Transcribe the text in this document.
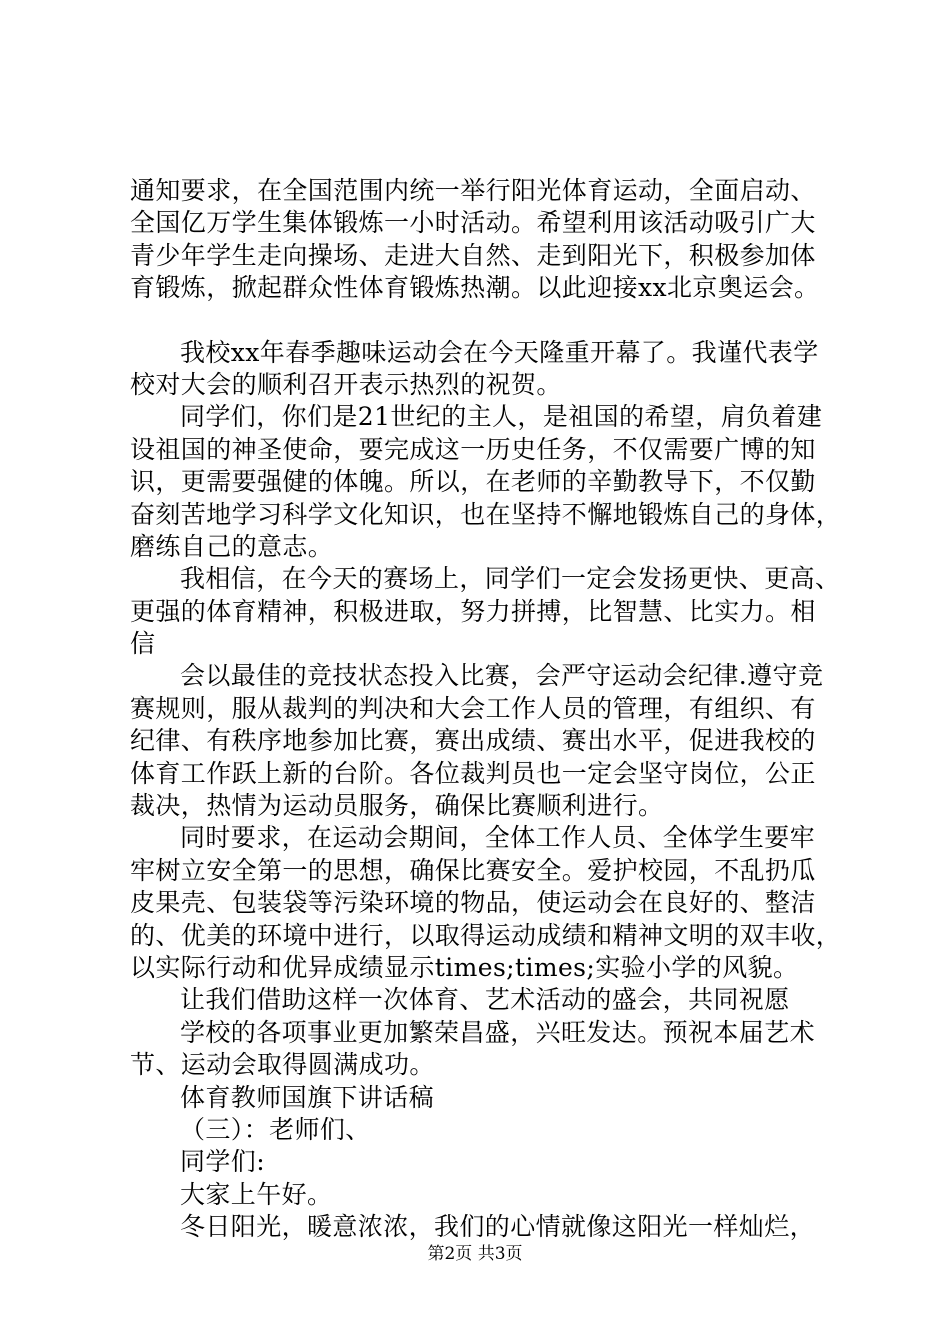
通知要求，在全国范围内统一举行阳光体育运动，全面启动、
全国亿万学生集体锻炼一小时活动。希望利用该活动吸引广大
青少年学生走向操场、走进大自然、走到阳光下，积极参加体
育锻炼，掀起群众性体育锻炼热潮。以此迎接xx北京奥运会。
我校xx年春季趣味运动会在今天隆重开幕了。我谨代表学
校对大会的顺利召开表示热烈的祝贺。
同学们，你们是21世纪的主人，是祖国的希望，肩负着建
设祖国的神圣使命，要完成这一历史任务，不仅需要广博的知
识，更需要强健的体魄。所以，在老师的辛勤教导下，不仅勤
奋刻苦地学习科学文化知识，也在坚持不懈地锻炼自己的身体，
磨练自己的意志。
我相信，在今天的赛场上，同学们一定会发扬更快、更高、
更强的体育精神，积极进取，努力拼搏，比智慧、比实力。相
信
会以最佳的竞技状态投入比赛，会严守运动会纪律.遵守竞
赛规则，服从裁判的判决和大会工作人员的管理，有组织、有
纪律、有秩序地参加比赛，赛出成绩、赛出水平，促进我校的
体育工作跃上新的台阶。各位裁判员也一定会坚守岗位，公正
裁决，热情为运动员服务，确保比赛顺利进行。
同时要求，在运动会期间，全体工作人员、全体学生要牢
牢树立安全第一的思想，确保比赛安全。爱护校园，不乱扔瓜
皮果壳、包装袋等污染环境的物品，使运动会在良好的、整洁
的、优美的环境中进行，以取得运动成绩和精神文明的双丰收，
以实际行动和优异成绩显示times;times;实验小学的风貌。
让我们借助这样一次体育、艺术活动的盛会，共同祝愿
学校的各项事业更加繁荣昌盛，兴旺发达。预祝本届艺术
节、运动会取得圆满成功。
体育教师国旗下讲话稿
（三）：老师们、
同学们:
大家上午好。
冬日阳光，暖意浓浓，我们的心情就像这阳光一样灿烂，
第2页 共3页
